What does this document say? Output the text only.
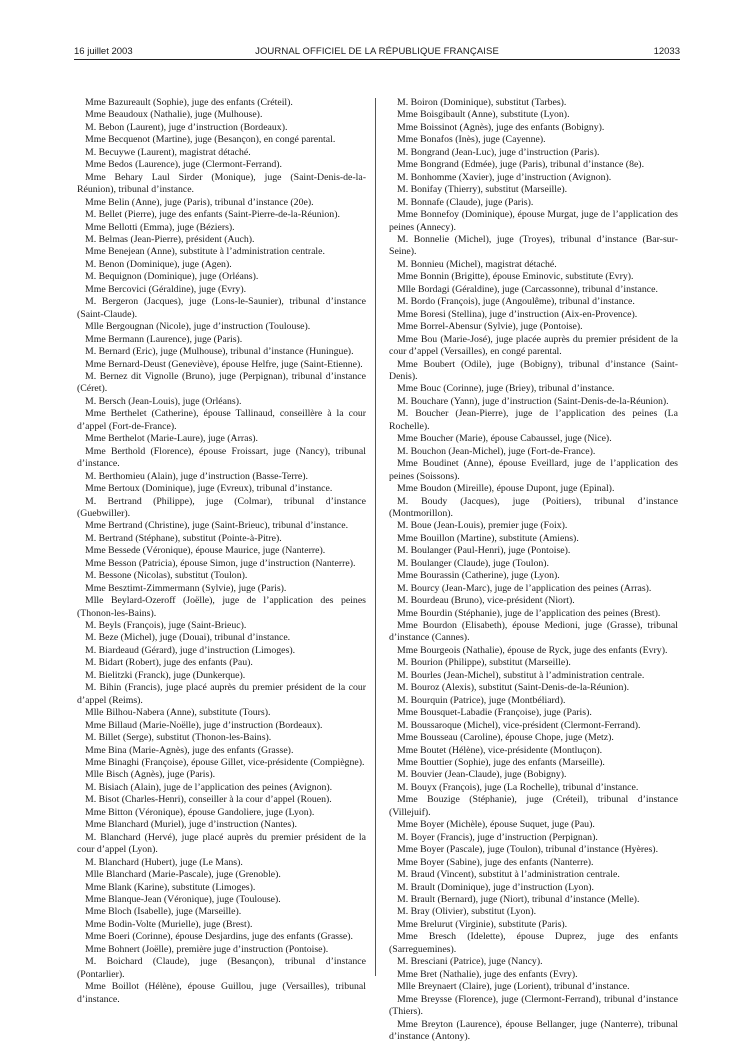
16 juillet 2003	JOURNAL OFFICIEL DE LA RÉPUBLIQUE FRANÇAISE	12033

Mme Bazureault (Sophie), juge des enfants (Créteil).

Mme Beaudoux (Nathalie), juge (Mulhouse).

M. Bebon (Laurent), juge d’instruction (Bordeaux).

Mme Becquenot (Martine), juge (Besançon), en congé parental.

M. Becuywe (Laurent), magistrat détaché.

Mme Bedos (Laurence), juge (Clermont-Ferrand).

Mme Behary Laul Sirder (Monique), juge (Saint-Denis-de-la-Réunion), tribunal d’instance.

Mme Belin (Anne), juge (Paris), tribunal d’instance (20e).

M. Bellet (Pierre), juge des enfants (Saint-Pierre-de-la-Réunion).

Mme Bellotti (Emma), juge (Béziers).

M. Belmas (Jean-Pierre), président (Auch).

Mme Benejean (Anne), substitute à l’administration centrale.

M. Benon (Dominique), juge (Agen).

M. Bequignon (Dominique), juge (Orléans).

Mme Bercovici (Géraldine), juge (Evry).

M. Bergeron (Jacques), juge (Lons-le-Saunier), tribunal d’instance (Saint-Claude).

Mlle Bergougnan (Nicole), juge d’instruction (Toulouse).

Mme Bermann (Laurence), juge (Paris).

M. Bernard (Eric), juge (Mulhouse), tribunal d’instance (Huningue).

Mme Bernard-Deust (Geneviève), épouse Helfre, juge (Saint-Etienne).

M. Bernez dit Vignolle (Bruno), juge (Perpignan), tribunal d’instance (Céret).

M. Bersch (Jean-Louis), juge (Orléans).

Mme Berthelet (Catherine), épouse Tallinaud, conseillère à la cour d’appel (Fort-de-France).

Mme Berthelot (Marie-Laure), juge (Arras).

Mme Berthold (Florence), épouse Froissart, juge (Nancy), tribunal d’instance.

M. Berthomieu (Alain), juge d’instruction (Basse-Terre).

Mme Bertoux (Dominique), juge (Evreux), tribunal d’instance.

M. Bertrand (Philippe), juge (Colmar), tribunal d’instance (Guebwiller).

Mme Bertrand (Christine), juge (Saint-Brieuc), tribunal d’instance.

M. Bertrand (Stéphane), substitut (Pointe-à-Pitre).

Mme Bessede (Véronique), épouse Maurice, juge (Nanterre).

Mme Besson (Patricia), épouse Simon, juge d’instruction (Nanterre).

M. Bessone (Nicolas), substitut (Toulon).

Mme Besztimt-Zimmermann (Sylvie), juge (Paris).

Mlle Beylard-Ozeroff (Joëlle), juge de l’application des peines (Thonon-les-Bains).

M. Beyls (François), juge (Saint-Brieuc).

M. Beze (Michel), juge (Douai), tribunal d’instance.

M. Biardeaud (Gérard), juge d’instruction (Limoges).

M. Bidart (Robert), juge des enfants (Pau).

M. Bielitzki (Franck), juge (Dunkerque).

M. Bihin (Francis), juge placé auprès du premier président de la cour d’appel (Reims).

Mlle Bilhou-Nabera (Anne), substitute (Tours).

Mme Billaud (Marie-Noëlle), juge d’instruction (Bordeaux).

M. Billet (Serge), substitut (Thonon-les-Bains).

Mme Bina (Marie-Agnès), juge des enfants (Grasse).

Mme Binaghi (Françoise), épouse Gillet, vice-présidente (Compiègne).

Mlle Bisch (Agnès), juge (Paris).

M. Bisiach (Alain), juge de l’application des peines (Avignon).

M. Bisot (Charles-Henri), conseiller à la cour d’appel (Rouen).

Mme Bitton (Véronique), épouse Gandoliere, juge (Lyon).

Mme Blanchard (Muriel), juge d’instruction (Nantes).

M. Blanchard (Hervé), juge placé auprès du premier président de la cour d’appel (Lyon).

M. Blanchard (Hubert), juge (Le Mans).

Mlle Blanchard (Marie-Pascale), juge (Grenoble).

Mme Blank (Karine), substitute (Limoges).

Mme Blanque-Jean (Véronique), juge (Toulouse).

Mme Bloch (Isabelle), juge (Marseille).

Mme Bodin-Volte (Murielle), juge (Brest).

Mme Boeri (Corinne), épouse Desjardins, juge des enfants (Grasse).

Mme Bohnert (Joëlle), première juge d’instruction (Pontoise).

M. Boichard (Claude), juge (Besançon), tribunal d’instance (Pontarlier).

Mme Boillot (Hélène), épouse Guillou, juge (Versailles), tribunal d’instance.

M. Boiron (Dominique), substitut (Tarbes).

Mme Boisgibault (Anne), substitute (Lyon).

Mme Boissinot (Agnès), juge des enfants (Bobigny).

Mme Bonafos (Inès), juge (Cayenne).

M. Bongrand (Jean-Luc), juge d’instruction (Paris).

Mme Bongrand (Edmée), juge (Paris), tribunal d’instance (8e).

M. Bonhomme (Xavier), juge d’instruction (Avignon).

M. Bonifay (Thierry), substitut (Marseille).

M. Bonnafe (Claude), juge (Paris).

Mme Bonnefoy (Dominique), épouse Murgat, juge de l’application des peines (Annecy).

M. Bonnelie (Michel), juge (Troyes), tribunal d’instance (Bar-sur-Seine).

M. Bonnieu (Michel), magistrat détaché.

Mme Bonnin (Brigitte), épouse Eminovic, substitute (Evry).

Mlle Bordagi (Géraldine), juge (Carcassonne), tribunal d’instance.

M. Bordo (François), juge (Angoulême), tribunal d’instance.

Mme Boresi (Stellina), juge d’instruction (Aix-en-Provence).

Mme Borrel-Abensur (Sylvie), juge (Pontoise).

Mme Bou (Marie-José), juge placée auprès du premier président de la cour d’appel (Versailles), en congé parental.

Mme Boubert (Odile), juge (Bobigny), tribunal d’instance (Saint-Denis).

Mme Bouc (Corinne), juge (Briey), tribunal d’instance.

M. Bouchare (Yann), juge d’instruction (Saint-Denis-de-la-Réunion).

M. Boucher (Jean-Pierre), juge de l’application des peines (La Rochelle).

Mme Boucher (Marie), épouse Cabaussel, juge (Nice).

M. Bouchon (Jean-Michel), juge (Fort-de-France).

Mme Boudinet (Anne), épouse Eveillard, juge de l’application des peines (Soissons).

Mme Boudon (Mireille), épouse Dupont, juge (Epinal).

M. Boudy (Jacques), juge (Poitiers), tribunal d’instance (Montmorillon).

M. Boue (Jean-Louis), premier juge (Foix).

Mme Bouillon (Martine), substitute (Amiens).

M. Boulanger (Paul-Henri), juge (Pontoise).

M. Boulanger (Claude), juge (Toulon).

Mme Bourassin (Catherine), juge (Lyon).

M. Bourcy (Jean-Marc), juge de l’application des peines (Arras).

M. Bourdeau (Bruno), vice-président (Niort).

Mme Bourdin (Stéphanie), juge de l’application des peines (Brest).

Mme Bourdon (Elisabeth), épouse Medioni, juge (Grasse), tribunal d’instance (Cannes).

Mme Bourgeois (Nathalie), épouse de Ryck, juge des enfants (Evry).

M. Bourion (Philippe), substitut (Marseille).

M. Bourles (Jean-Michel), substitut à l’administration centrale.

M. Bouroz (Alexis), substitut (Saint-Denis-de-la-Réunion).

M. Bourquin (Patrice), juge (Montbéliard).

Mme Bousquet-Labadie (Françoise), juge (Paris).

M. Boussaroque (Michel), vice-président (Clermont-Ferrand).

Mme Bousseau (Caroline), épouse Chope, juge (Metz).

Mme Boutet (Hélène), vice-présidente (Montluçon).

Mme Bouttier (Sophie), juge des enfants (Marseille).

M. Bouvier (Jean-Claude), juge (Bobigny).

M. Bouyx (François), juge (La Rochelle), tribunal d’instance.

Mme Bouzige (Stéphanie), juge (Créteil), tribunal d’instance (Villejuif).

Mme Boyer (Michèle), épouse Suquet, juge (Pau).

M. Boyer (Francis), juge d’instruction (Perpignan).

Mme Boyer (Pascale), juge (Toulon), tribunal d’instance (Hyères).

Mme Boyer (Sabine), juge des enfants (Nanterre).

M. Braud (Vincent), substitut à l’administration centrale.

M. Brault (Dominique), juge d’instruction (Lyon).

M. Brault (Bernard), juge (Niort), tribunal d’instance (Melle).

M. Bray (Olivier), substitut (Lyon).

Mme Brelurut (Virginie), substitute (Paris).

Mme Bresch (Idelette), épouse Duprez, juge des enfants (Sarreguemines).

M. Bresciani (Patrice), juge (Nancy).

Mme Bret (Nathalie), juge des enfants (Evry).

Mlle Breynaert (Claire), juge (Lorient), tribunal d’instance.

Mme Breysse (Florence), juge (Clermont-Ferrand), tribunal d’instance (Thiers).

Mme Breyton (Laurence), épouse Bellanger, juge (Nanterre), tribunal d’instance (Antony).
